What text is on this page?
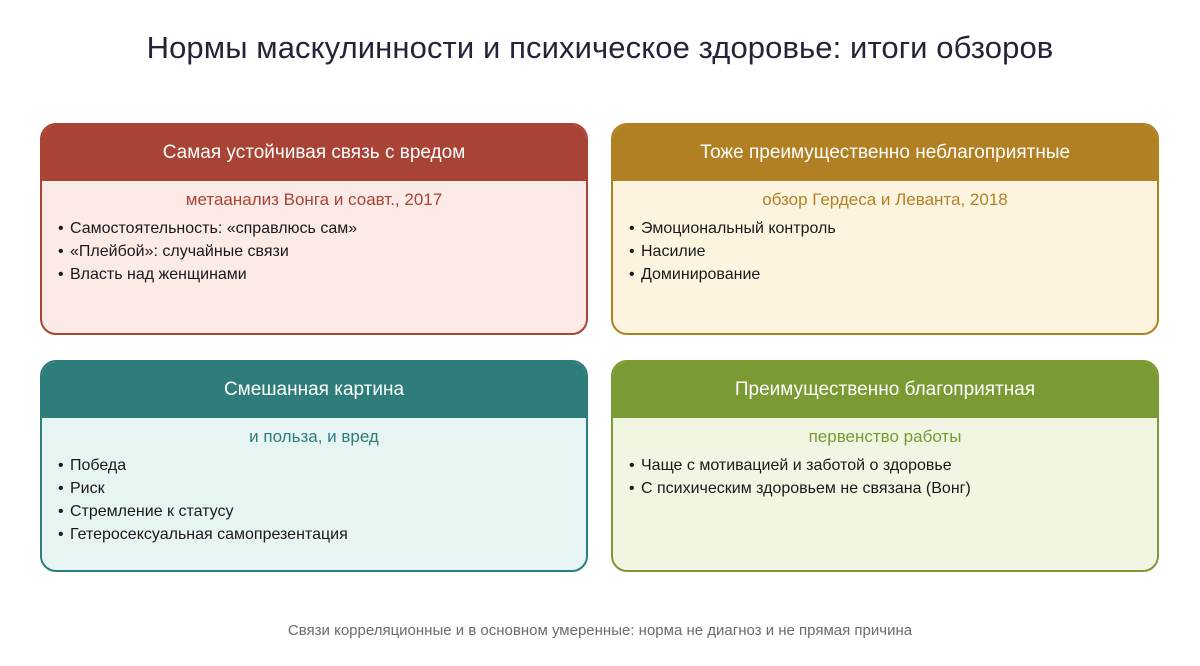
Нормы маскулинности и психическое здоровье: итоги обзоров
Самая устойчивая связь с вредом
метаанализ Вонга и соавт., 2017
• Самостоятельность: «справлюсь сам»
• «Плейбой»: случайные связи
• Власть над женщинами
Тоже преимущественно неблагоприятные
обзор Гердеса и Леванта, 2018
• Эмоциональный контроль
• Насилие
• Доминирование
Смешанная картина
и польза, и вред
• Победа
• Риск
• Стремление к статусу
• Гетеросексуальная самопрезентация
Преимущественно благоприятная
первенство работы
• Чаще с мотивацией и заботой о здоровье
• С психическим здоровьем не связана (Вонг)
Связи корреляционные и в основном умеренные: норма не диагноз и не прямая причина
